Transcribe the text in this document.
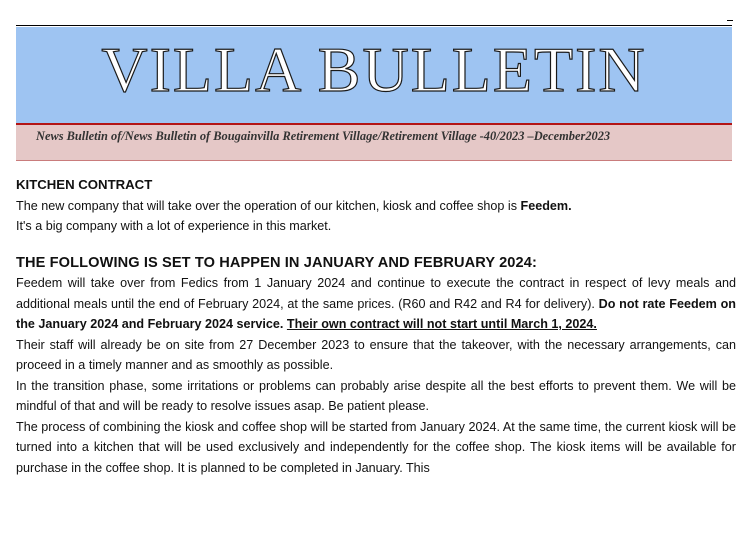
VILLA BULLETIN
News Bulletin of/News Bulletin of Bougainvilla Retirement Village/Retirement Village -40/2023 –December2023
KITCHEN CONTRACT

The new company that will take over the operation of our kitchen, kiosk and coffee shop is Feedem.

It's a big company with a lot of experience in this market.

THE FOLLOWING IS SET TO HAPPEN IN JANUARY AND FEBRUARY 2024:

Feedem will take over from Fedics from 1 January 2024 and continue to execute the contract in respect of levy meals and additional meals until the end of February 2024, at the same prices. (R60 and R42 and R4 for delivery). Do not rate Feedem on the January 2024 and February 2024 service. Their own contract will not start until March 1, 2024.

Their staff will already be on site from 27 December 2023 to ensure that the takeover, with the necessary arrangements, can proceed in a timely manner and as smoothly as possible.

In the transition phase, some irritations or problems can probably arise despite all the best efforts to prevent them. We will be mindful of that and will be ready to resolve issues asap. Be patient please.

The process of combining the kiosk and coffee shop will be started from January 2024. At the same time, the current kiosk will be turned into a kitchen that will be used exclusively and independently for the coffee shop. The kiosk items will be available for purchase in the coffee shop. It is planned to be completed in January. This
